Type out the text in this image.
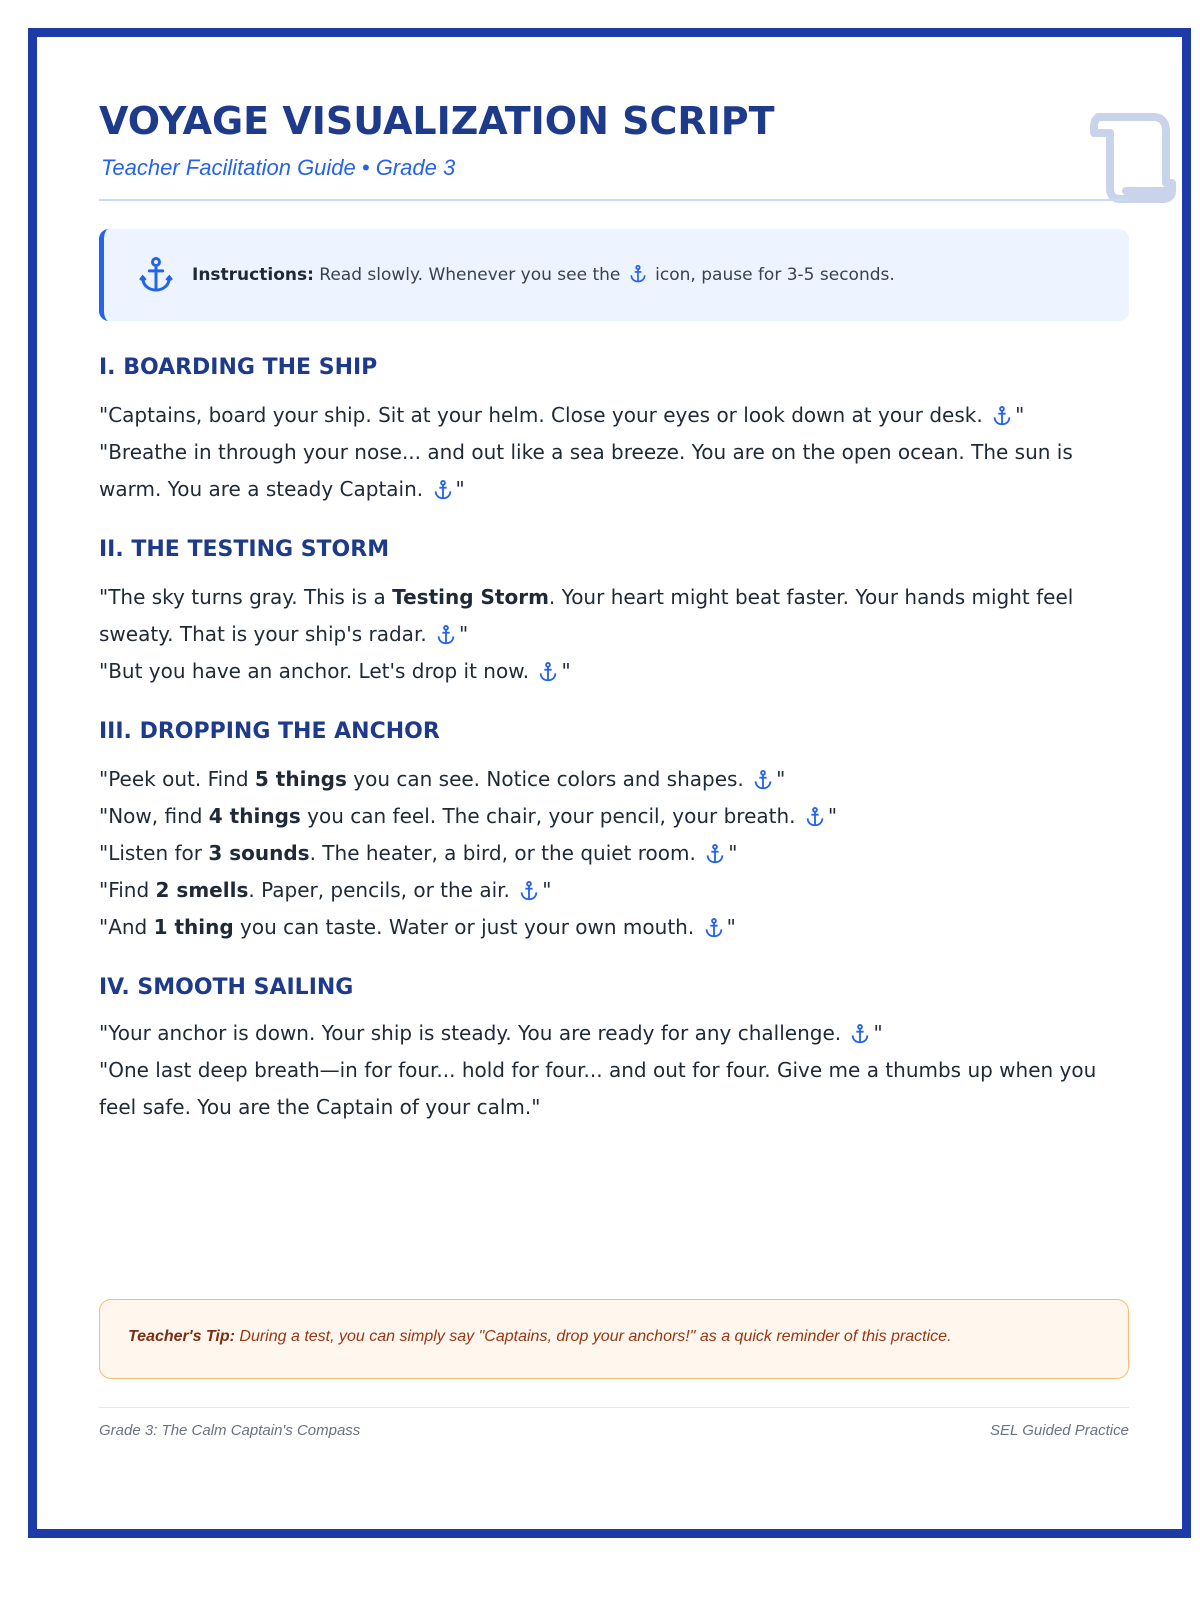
VOYAGE VISUALIZATION SCRIPT
Teacher Facilitation Guide • Grade 3
Instructions: Read slowly. Whenever you see the  icon, pause for 3-5 seconds.
I. BOARDING THE SHIP

"Captains, board your ship. Sit at your helm. Close your eyes or look down at your desk. "

"Breathe in through your nose... and out like a sea breeze. You are on the open ocean. The sun is warm. You are a steady Captain. "

II. THE TESTING STORM

"The sky turns gray. This is a Testing Storm. Your heart might beat faster. Your hands might feel sweaty. That is your ship's radar. "

"But you have an anchor. Let's drop it now. "

III. DROPPING THE ANCHOR

"Peek out. Find 5 things you can see. Notice colors and shapes. "

"Now, find 4 things you can feel. The chair, your pencil, your breath. "

"Listen for 3 sounds. The heater, a bird, or the quiet room. "

"Find 2 smells. Paper, pencils, or the air. "

"And 1 thing you can taste. Water or just your own mouth. "

IV. SMOOTH SAILING

"Your anchor is down. Your ship is steady. You are ready for any challenge. "

"One last deep breath—in for four... hold for four... and out for four. Give me a thumbs up when you feel safe. You are the Captain of your calm."

Teacher's Tip: During a test, you can simply say "Captains, drop your anchors!" as a quick reminder of this practice.
Grade 3: The Calm Captain's Compass	SEL Guided Practice
